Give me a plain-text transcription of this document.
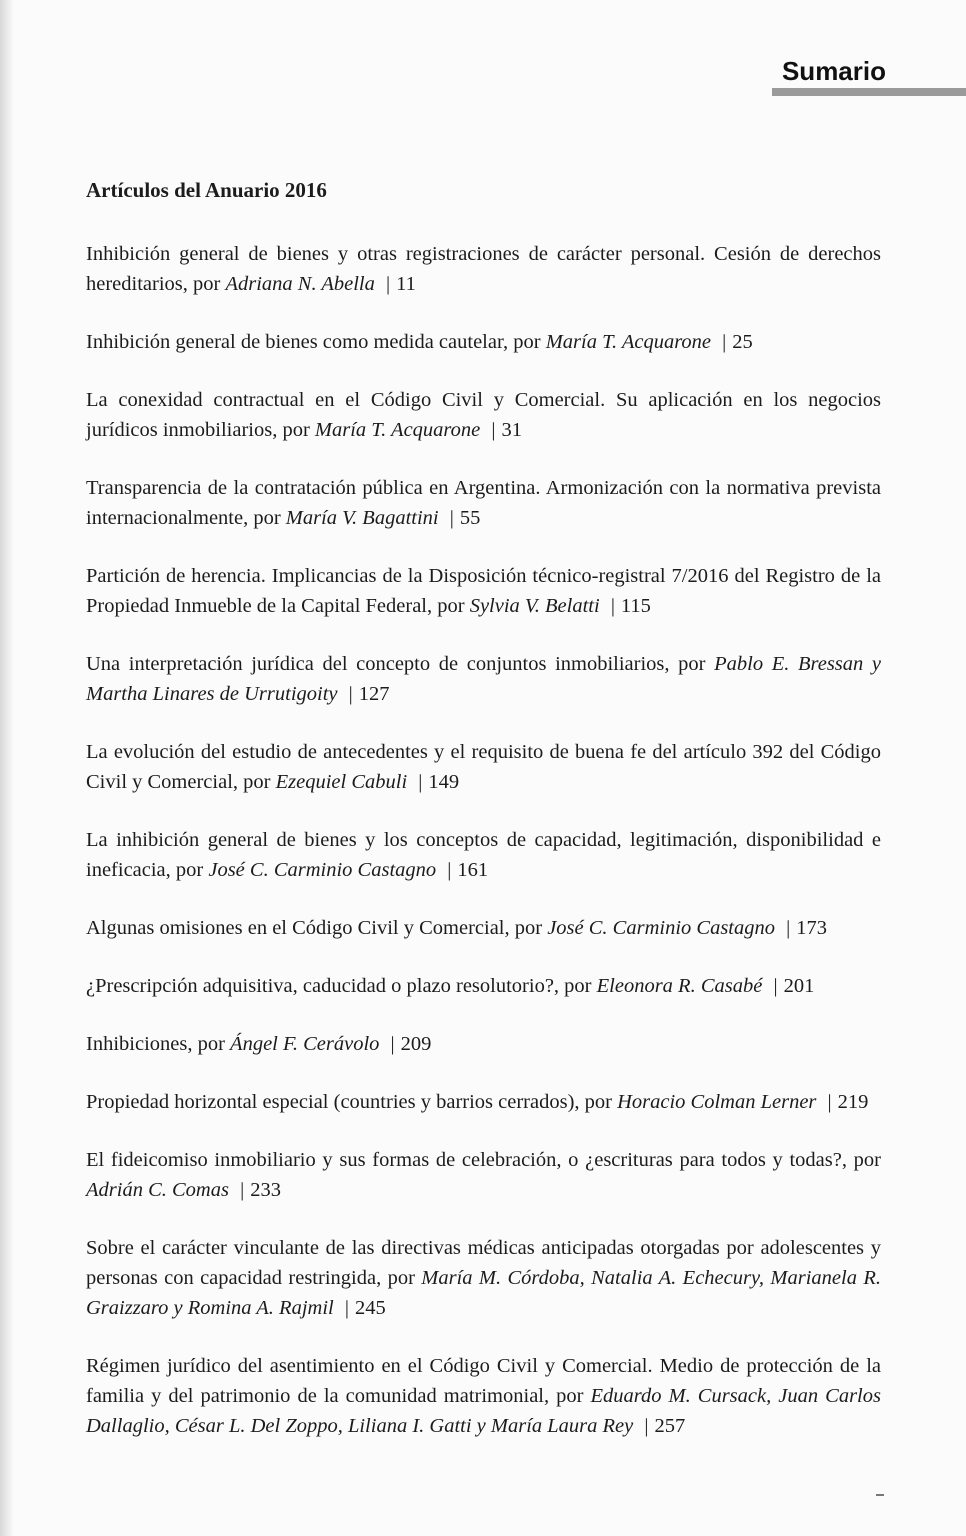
Sumario
Artículos del Anuario 2016
Inhibición general de bienes y otras registraciones de carácter personal. Cesión de derechos hereditarios, por Adriana N. Abella | 11
Inhibición general de bienes como medida cautelar, por María T. Acquarone | 25
La conexidad contractual en el Código Civil y Comercial. Su aplicación en los negocios jurídicos inmobiliarios, por María T. Acquarone | 31
Transparencia de la contratación pública en Argentina. Armonización con la normativa prevista internacionalmente, por María V. Bagattini | 55
Partición de herencia. Implicancias de la Disposición técnico-registral 7/2016 del Registro de la Propiedad Inmueble de la Capital Federal, por Sylvia V. Belatti | 115
Una interpretación jurídica del concepto de conjuntos inmobiliarios, por Pablo E. Bressan y Martha Linares de Urrutigoity | 127
La evolución del estudio de antecedentes y el requisito de buena fe del artículo 392 del Código Civil y Comercial, por Ezequiel Cabuli | 149
La inhibición general de bienes y los conceptos de capacidad, legitimación, disponibilidad e ineficacia, por José C. Carminio Castagno | 161
Algunas omisiones en el Código Civil y Comercial, por José C. Carminio Castagno | 173
¿Prescripción adquisitiva, caducidad o plazo resolutorio?, por Eleonora R. Casabé | 201
Inhibiciones, por Ángel F. Cerávolo | 209
Propiedad horizontal especial (countries y barrios cerrados), por Horacio Colman Lerner | 219
El fideicomiso inmobiliario y sus formas de celebración, o ¿escrituras para todos y todas?, por Adrián C. Comas | 233
Sobre el carácter vinculante de las directivas médicas anticipadas otorgadas por adolescentes y personas con capacidad restringida, por María M. Córdoba, Natalia A. Echecury, Marianela R. Graizzaro y Romina A. Rajmil | 245
Régimen jurídico del asentimiento en el Código Civil y Comercial. Medio de protección de la familia y del patrimonio de la comunidad matrimonial, por Eduardo M. Cursack, Juan Carlos Dallaglio, César L. Del Zoppo, Liliana I. Gatti y María Laura Rey | 257
